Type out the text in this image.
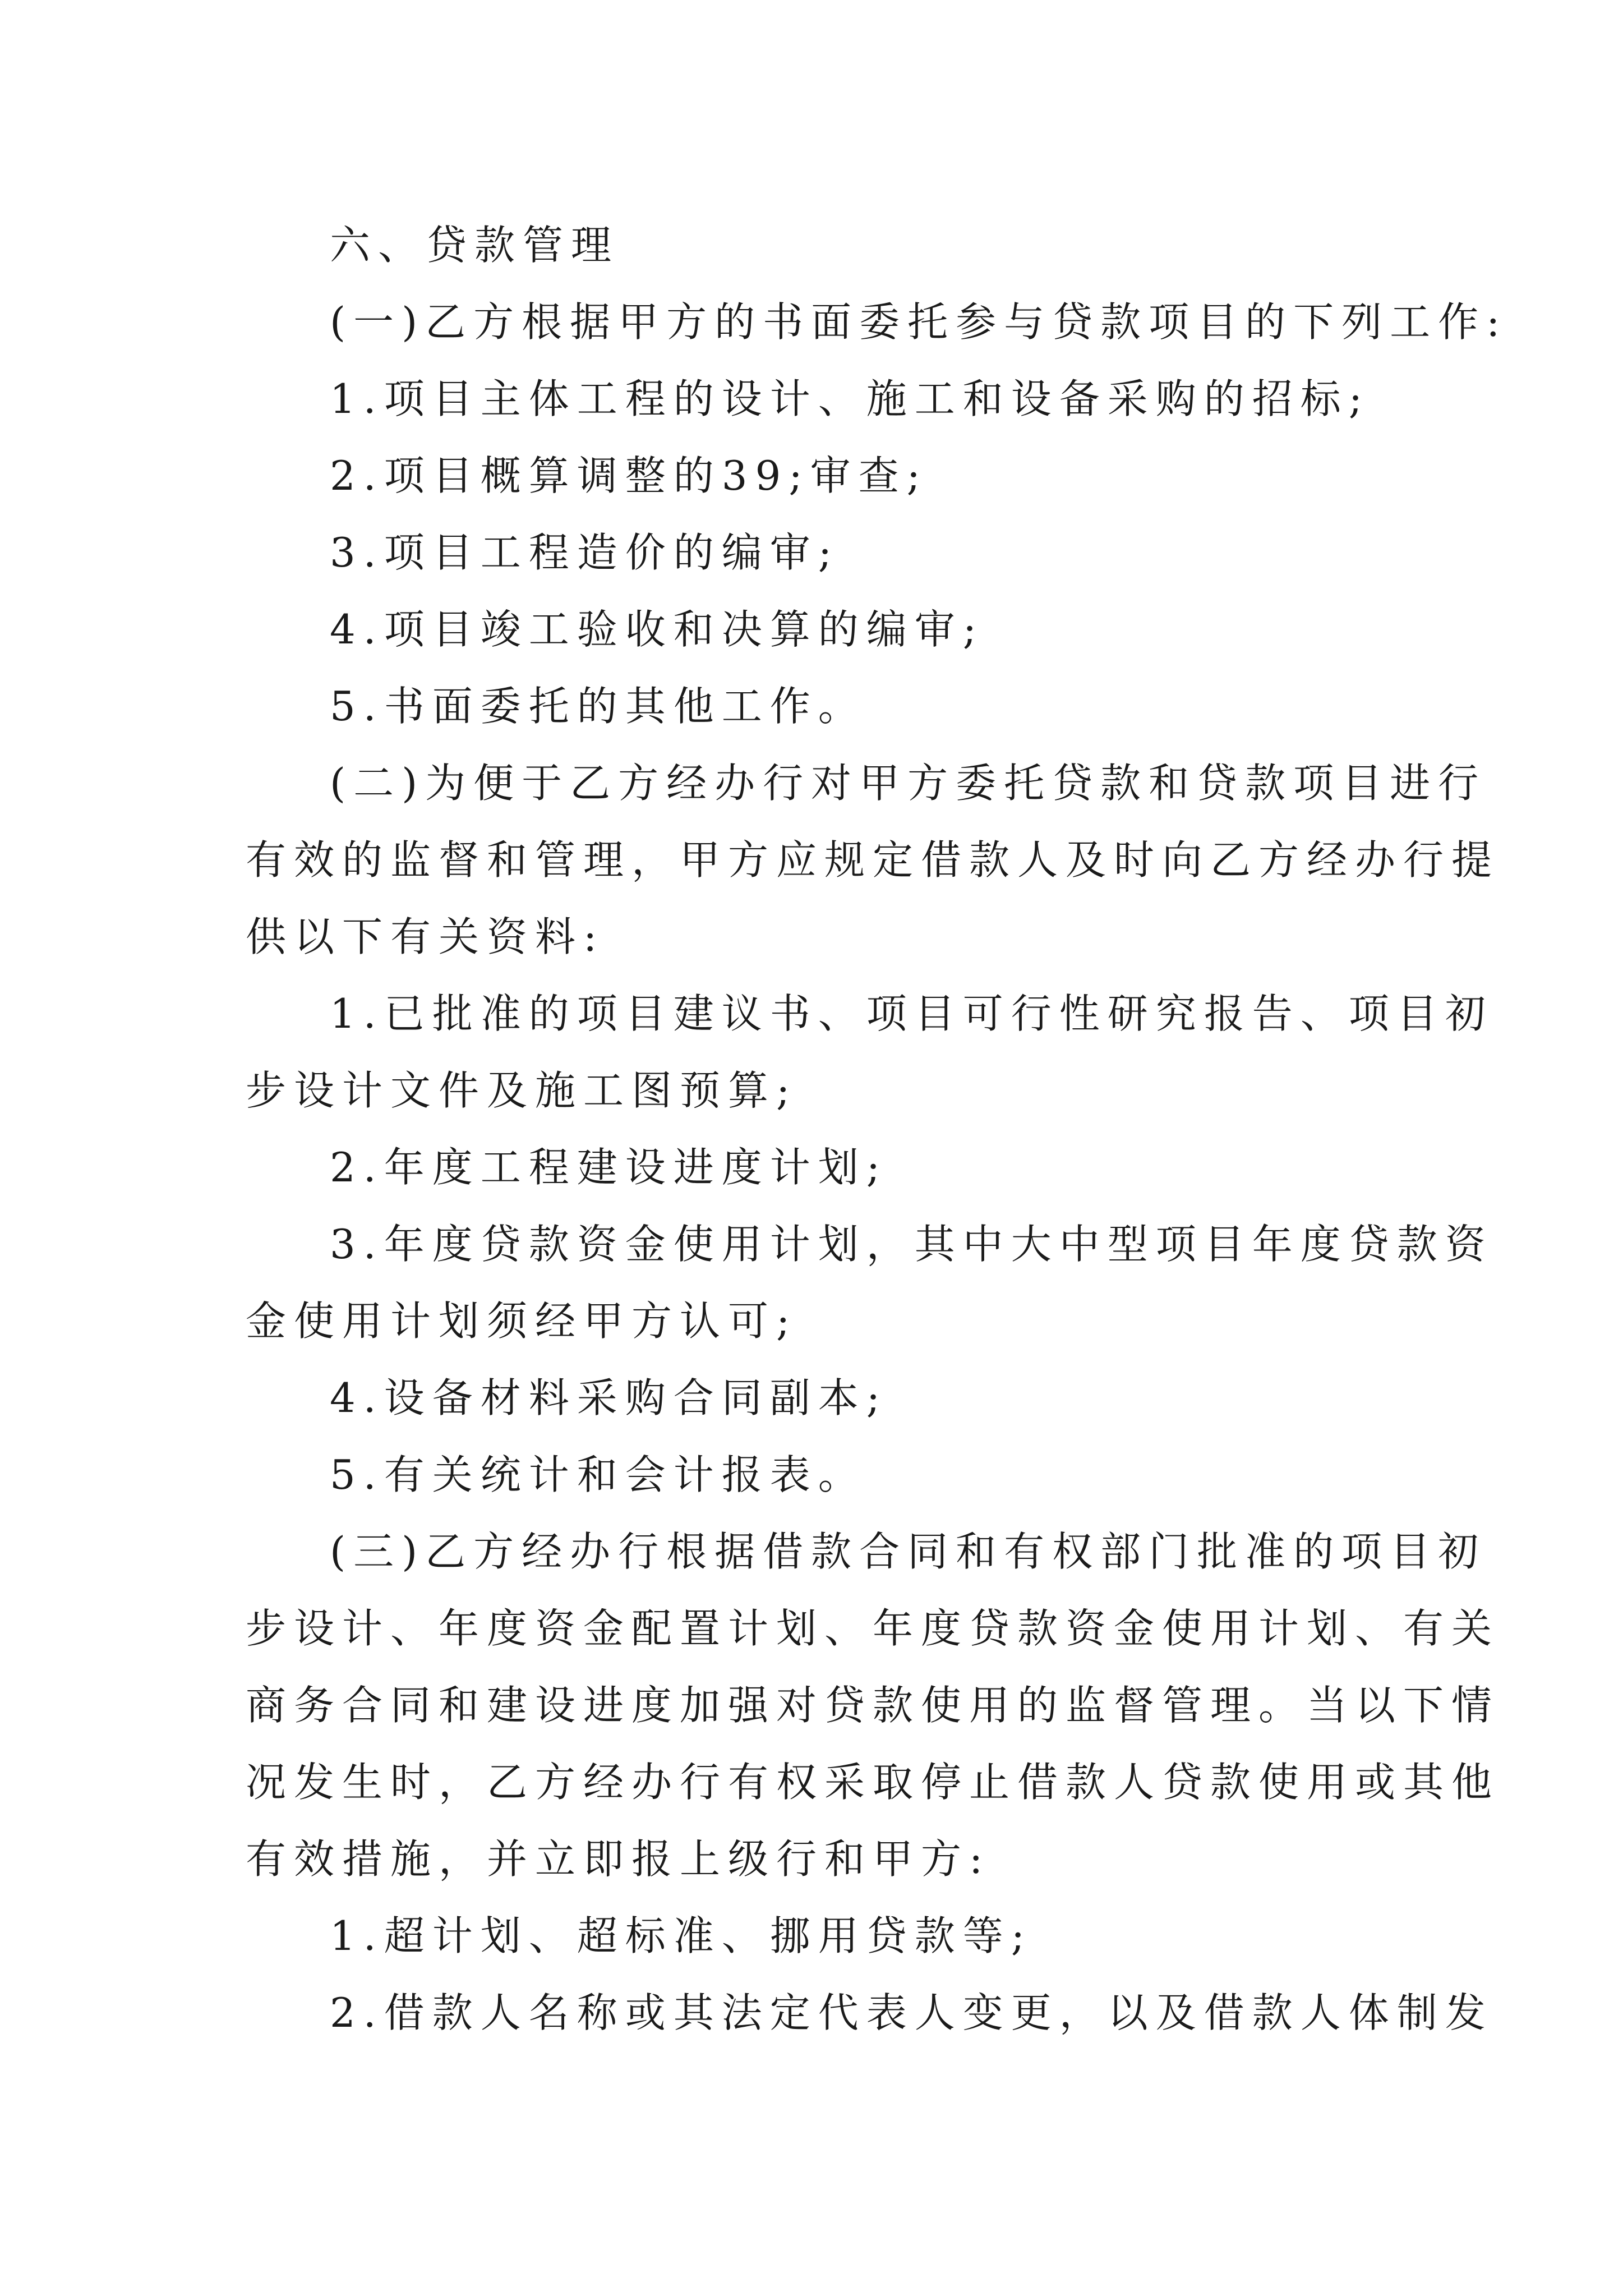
六、贷款管理
(一)乙方根据甲方的书面委托参与贷款项目的下列工作:
1.项目主体工程的设计、施工和设备采购的招标;
2.项目概算调整的39;审查;
3.项目工程造价的编审;
4.项目竣工验收和决算的编审;
5.书面委托的其他工作。
(二)为便于乙方经办行对甲方委托贷款和贷款项目进行
有效的监督和管理，甲方应规定借款人及时向乙方经办行提
供以下有关资料:
1.已批准的项目建议书、项目可行性研究报告、项目初
步设计文件及施工图预算;
2.年度工程建设进度计划;
3.年度贷款资金使用计划，其中大中型项目年度贷款资
金使用计划须经甲方认可;
4.设备材料采购合同副本;
5.有关统计和会计报表。
(三)乙方经办行根据借款合同和有权部门批准的项目初
步设计、年度资金配置计划、年度贷款资金使用计划、有关
商务合同和建设进度加强对贷款使用的监督管理。当以下情
况发生时，乙方经办行有权采取停止借款人贷款使用或其他
有效措施，并立即报上级行和甲方:
1.超计划、超标准、挪用贷款等;
2.借款人名称或其法定代表人变更，以及借款人体制发
